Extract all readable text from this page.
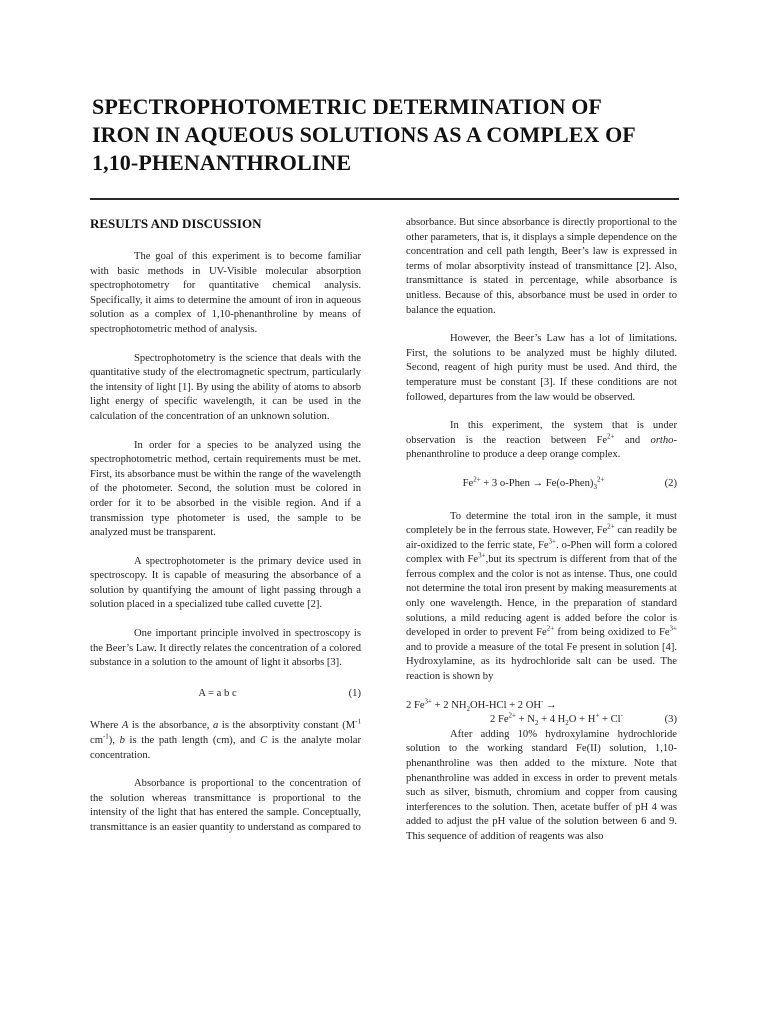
SPECTROPHOTOMETRIC DETERMINATION OF
IRON IN AQUEOUS SOLUTIONS AS A COMPLEX OF
1,10-PHENANTHROLINE
RESULTS AND DISCUSSION

The goal of this experiment is to become familiar with basic methods in UV-Visible molecular absorption spectrophotometry for quantitative chemical analysis. Specifically, it aims to determine the amount of iron in aqueous solution as a complex of 1,10-phenanthroline by means of spectrophotometric method of analysis.

Spectrophotometry is the science that deals with the quantitative study of the electromagnetic spectrum, particularly the intensity of light [1]. By using the ability of atoms to absorb light energy of specific wavelength, it can be used in the calculation of the concentration of an unknown solution.

In order for a species to be analyzed using the spectrophotometric method, certain requirements must be met. First, its absorbance must be within the range of the wavelength of the photometer. Second, the solution must be colored in order for it to be absorbed in the visible region. And if a transmission type photometer is used, the sample to be analyzed must be transparent.

A spectrophotometer is the primary device used in spectroscopy. It is capable of measuring the absorbance of a solution by quantifying the amount of light passing through a solution placed in a specialized tube called cuvette [2].

One important principle involved in spectroscopy is the Beer’s Law. It directly relates the concentration of a colored substance in a solution to the amount of light it absorbs [3].

A = a b c	(1)

Where A is the absorbance, a is the absorptivity constant ($M^{-1}$ $cm^{-1}$), b is the path length (cm), and C is the analyte molar concentration.

Absorbance is proportional to the concentration of the solution whereas transmittance is proportional to the intensity of the light that has entered the sample. Conceptually, transmittance is an easier quantity to understand as compared to

absorbance. But since absorbance is directly proportional to the other parameters, that is, it displays a simple dependence on the concentration and cell path length, Beer’s law is expressed in terms of molar absorptivity instead of transmittance [2]. Also, transmittance is stated in percentage, while absorbance is unitless. Because of this, absorbance must be used in order to balance the equation.

However, the Beer’s Law has a lot of limitations. First, the solutions to be analyzed must be highly diluted. Second, reagent of high purity must be used. And third, the temperature must be constant [3]. If these conditions are not followed, departures from the law would be observed.

In this experiment, the system that is under observation is the reaction between $Fe^{2+}$ and ortho-phenanthroline to produce a deep orange complex.

$Fe^{2+} + 3$ o-Phen → $Fe(o-Phen)_3^{2+}$	(2)

To determine the total iron in the sample, it must completely be in the ferrous state. However, $Fe^{2+}$ can readily be air-oxidized to the ferric state, $Fe^{3+}$. o-Phen will form a colored complex with $Fe^{3+},but$ its spectrum is different from that of the ferrous complex and the color is not as intense. Thus, one could not determine the total iron present by making measurements at only one wavelength. Hence, in the preparation of standard solutions, a mild reducing agent is added before the color is developed in order to prevent $Fe^{2+}$ from being oxidized to $Fe^{3+}$ and to provide a measure of the total Fe present in solution [4]. Hydroxylamine, as its hydrochloride salt can be used. The reaction is shown by

2 $Fe^{3+} + 2$ $NH_2OH$-HCl + 2 OH- →
2 $Fe^{2+} + N_2 + 4$ $H_2O + H^+ + Cl^-$	(3)

After adding 10% hydroxylamine hydrochloride solution to the working standard Fe(II) solution, 1,10-phenanthroline was then added to the mixture. Note that phenanthroline was added in excess in order to prevent metals such as silver, bismuth, chromium and copper from causing interferences to the solution. Then, acetate buffer of pH 4 was added to adjust the pH value of the solution between 6 and 9. This sequence of addition of reagents was also
